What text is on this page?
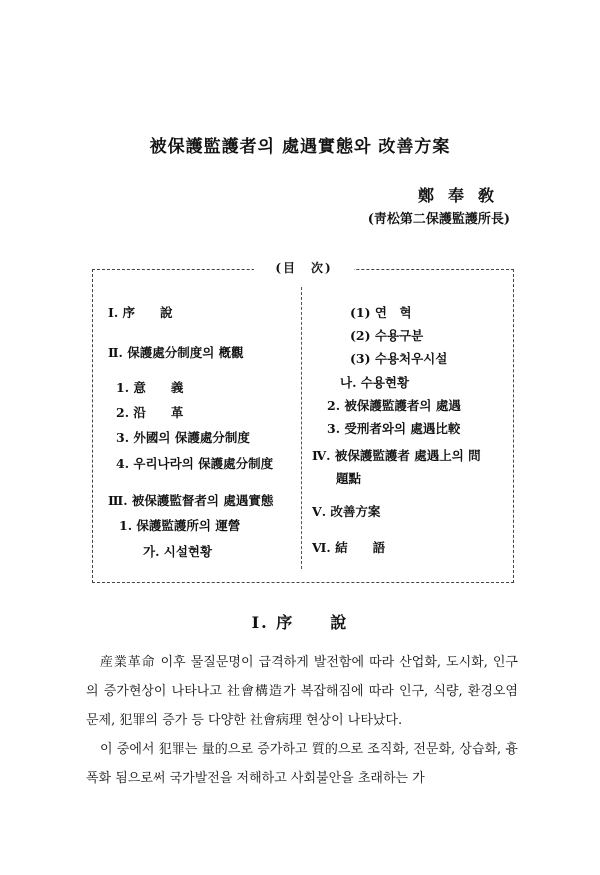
被保護監護者의 處遇實態와 改善方案
鄭奉敎
(靑松第二保護監護所長)
(目　次)
Ⅰ. 序　　說
Ⅱ. 保護處分制度의 槪觀
1. 意　　義
2. 沿　　革
3. 外國의 保護處分制度
4. 우리나라의 保護處分制度
Ⅲ. 被保護監督者의 處遇實態
1. 保護監護所의 運營
가. 시설현황
(1) 연　혁
(2) 수용구분
(3) 수용처우시설
나. 수용현황
2. 被保護監護者의 處遇
3. 受刑者와의 處遇比較
Ⅳ. 被保護監護者 處遇上의 問
題點
Ⅴ. 改善方案
Ⅵ. 結　　語
Ⅰ. 序　　說

産業革命 이후 물질문명이 급격하게 발전함에 따라 산업화, 도시화, 인구의 증가현상이 나타나고 社會構造가 복잡해짐에 따라 인구, 식량, 환경오염문제, 犯罪의 증가 등 다양한 社會病理 현상이 나타났다.

이 중에서 犯罪는 量的으로 증가하고 質的으로 조직화, 전문화, 상습화, 흉폭화 됨으로써 국가발전을 저해하고 사회불안을 초래하는 가
